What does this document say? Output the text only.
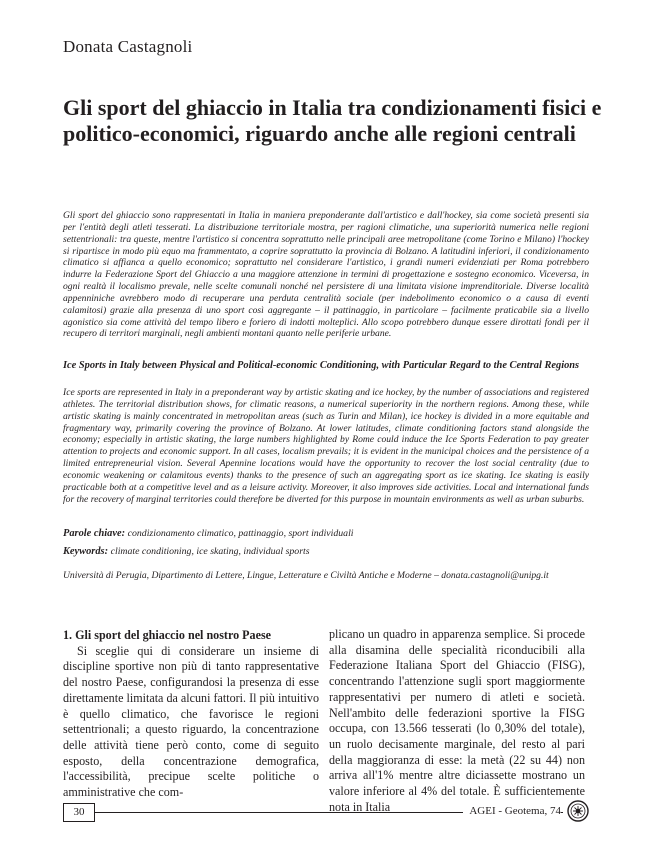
Donata Castagnoli
Gli sport del ghiaccio in Italia tra condizionamenti fisici e politico-economici, riguardo anche alle regioni centrali

Gli sport del ghiaccio sono rappresentati in Italia in maniera preponderante dall'artistico e dall'hockey, sia come società presenti sia per l'entità degli atleti tesserati. La distribuzione territoriale mostra, per ragioni climatiche, una superiorità numerica nelle regioni settentrionali: tra queste, mentre l'artistico si concentra soprattutto nelle principali aree metropolitane (come Torino e Milano) l'hockey si ripartisce in modo più equo ma frammentato, a coprire soprattutto la provincia di Bolzano. A latitudini inferiori, il condizionamento climatico si affianca a quello economico; soprattutto nel considerare l'artistico, i grandi numeri evidenziati per Roma potrebbero indurre la Federazione Sport del Ghiaccio a una maggiore attenzione in termini di progettazione e sostegno economico. Viceversa, in ogni realtà il localismo prevale, nelle scelte comunali nonché nel persistere di una limitata visione imprenditoriale. Diverse località appenniniche avrebbero modo di recuperare una perduta centralità sociale (per indebolimento economico o a causa di eventi calamitosi) grazie alla presenza di uno sport così aggregante – il pattinaggio, in particolare – facilmente praticabile sia a livello agonistico sia come attività del tempo libero e foriero di indotti molteplici. Allo scopo potrebbero dunque essere dirottati fondi per il recupero di territori marginali, negli ambienti montani quanto nelle periferie urbane.

Ice Sports in Italy between Physical and Political-economic Conditioning, with Particular Regard to the Central Regions

Ice sports are represented in Italy in a preponderant way by artistic skating and ice hockey, by the number of associations and registered athletes. The territorial distribution shows, for climatic reasons, a numerical superiority in the northern regions. Among these, while artistic skating is mainly concentrated in metropolitan areas (such as Turin and Milan), ice hockey is divided in a more equitable and fragmentary way, primarily covering the province of Bolzano. At lower latitudes, climate conditioning factors stand alongside the economy; especially in artistic skating, the large numbers highlighted by Rome could induce the Ice Sports Federation to pay greater attention to projects and economic support. In all cases, localism prevails; it is evident in the municipal choices and the persistence of a limited entrepreneurial vision. Several Apennine locations would have the opportunity to recover the lost social centrality (due to economic weakening or calamitous events) thanks to the presence of such an aggregating sport as ice skating. Ice skating is easily practicable both at a competitive level and as a leisure activity. Moreover, it also improves side activities. Local and international funds for the recovery of marginal territories could therefore be diverted for this purpose in mountain environments as well as urban suburbs.

Parole chiave: condizionamento climatico, pattinaggio, sport individuali

Keywords: climate conditioning, ice skating, individual sports

Università di Perugia, Dipartimento di Lettere, Lingue, Letterature e Civiltà Antiche e Moderne – donata.castagnoli@unipg.it

1. Gli sport del ghiaccio nel nostro Paese

Si sceglie qui di considerare un insieme di discipline sportive non più di tanto rappresentative del nostro Paese, configurandosi la presenza di esse direttamente limitata da alcuni fattori. Il più intuitivo è quello climatico, che favorisce le regioni settentrionali; a questo riguardo, la concentrazione delle attività tiene però conto, come di seguito esposto, della concentrazione demografica, l'accessibilità, precipue scelte politiche o amministrative che com-

plicano un quadro in apparenza semplice. Si procede alla disamina delle specialità riconducibili alla Federazione Italiana Sport del Ghiaccio (FISG), concentrando l'attenzione sugli sport maggiormente rappresentativi per numero di atleti e società. Nell'ambito delle federazioni sportive la FISG occupa, con 13.566 tesserati (lo 0,30% del totale), un ruolo decisamente marginale, del resto al pari della maggioranza di esse: la metà (22 su 44) non arriva all'1% mentre altre diciassette mostrano un valore inferiore al 4% del totale. È sufficientemente nota in Italia

30	AGEI - Geotema, 74
